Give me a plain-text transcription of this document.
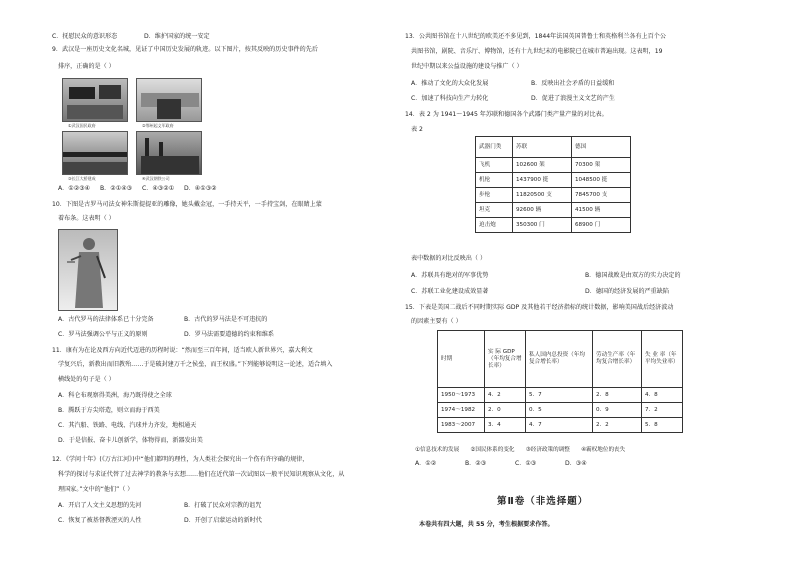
C．抚慰民众的意识形态	D．维护国家的统一安定
9．武汉是一座历史文化名城，见证了中国历史发展的轨迹。以下图片，按其反映的历史事件的先后
排序，正确的是（ ）
①武汉国民政府	②鄂州起义军政府
③长江大桥建成	④武汉钢铁公司
A．①②③④ B．②①④③ C．④③②① D．④①③②
10．下图是古罗马司法女神朱斯提提亚的雕像，她头戴金冠，一手持天平，一手持宝剑，在眼睛上蒙
着布条。这表明（ ）
A．古代罗马的法律体系已十分完备	B．古代的罗马法是不可违抗的
C．罗马法强调公平与正义的原则	D．罗马法需要道德的约束和维系
11．康有为在论及西方向近代迈进的历程时说：“然而至三百年间，适当欧人新世界兴，嘉大利文
学复兴后，新教出而旧教殆……于是破封建万千之侯垒，而王权盛。”下列能够说明这一论述，适合填入
横线处的句子是（ ）
A．科仑布观察得美洲，海乃既得使之全球
B．腾跃于方尖塔造，则立而海于西美
C．其汽船、铁路、电线、汽球并力齐发，地相通天
D．于是信报、奋卡儿创新学，体物得而，新器发出美
12．《学问十年》(《万古江河》)中“他们都明的理性，为人类社会探究出一个伤有许序确的规律，
科学的探讨与求证代替了过去神学的教条与玄想……他们在近代第一次试图以一般平民知识观察从文化，从
理国家。”文中的“他们”（ ）
A．开启了人文主义思想的先河	B．打破了民众对宗教的诅咒
C．恢复了被基督教湮灭的人性	D．开创了启蒙运动的新时代
13．公共图书馆在十八世纪的欧美还不多见到，1844年法国英国普鲁士和英格利兰各有上百个公
共图书馆，剧院、音乐厅、博物馆，还有十九世纪末的电影院已在城市普遍出现。这表明，19
世纪中期以来公益设施的建设与推广（ ）
A．推动了文化的大众化发展	B．反映出社会矛盾的日益缓和
C．加速了科技向生产力转化	D．促进了浪漫主义文艺的产生
14．表 2 为 1941～1945 年苏联和德国各个武器门类产量产量的对比表。
表 2
武器门类	苏联	德国
飞机	102600 架	70300 架
机枪	1437900 挺	1048500 挺
步枪	11820500 支	7845700 支
坦克	92600 辆	41500 辆
迫击炮	350300 门	68900 门
表中数据的对比反映出（ ）
A．苏联具有绝对的军事优势	B．德国战败是由双方的实力决定的
C．苏联工业化建设成效显著	D．德国的经济发展的严重缺陷
15．下表是美国二战后不同时期实际 GDP 及其他若干经济指标的统计数据，影响美国战后经济波动
的因素主要有（ ）
时期	实 际 GDP（年均复合增长率）	私人国内总投资（年均复合增长率）	劳动生产率（年均复合增长率）	失 业 率（年平均失业率）
1950～1973	4．2	5．7	2．8	4．8
1974～1982	2．0	0．5	0．9	7．2
1983～2007	3．4	4．7	2．2	5．8
①信息技术的发展　　②国民体系的变化　　③经济政策的调整　　④霸权地位的丧失
A．①②	B．②③	C．①③	D．③④
第Ⅱ卷（非选择题）
本卷共有四大题，共 55 分，考生根据要求作答。
